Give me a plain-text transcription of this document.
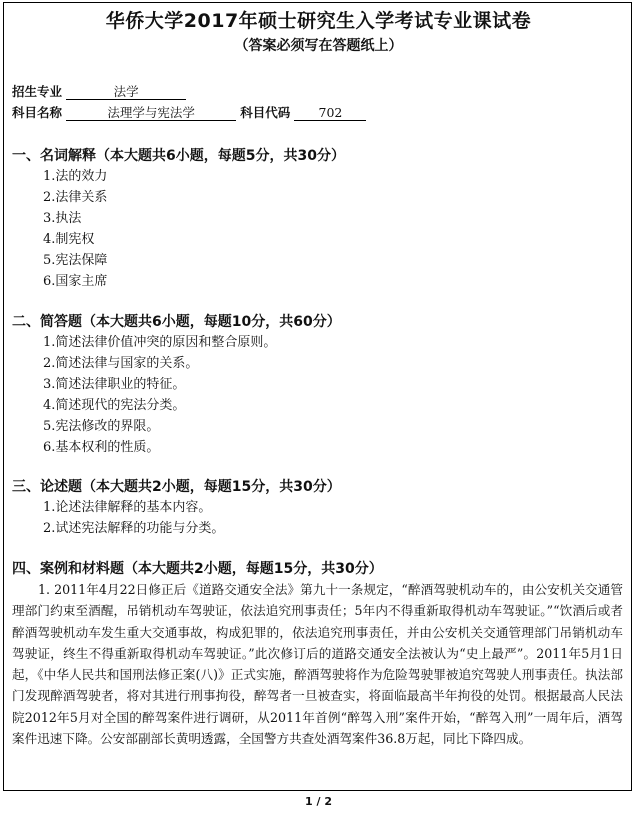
华侨大学2017年硕士研究生入学考试专业课试卷
（答案必须写在答题纸上）
招生专业	法学
科目名称	法理学与宪法学	科目代码 702
一、名词解释（本大题共6小题，每题5分，共30分）
1.法的效力
2.法律关系
3.执法
4.制宪权
5.宪法保障
6.国家主席
二、简答题（本大题共6小题，每题10分，共60分）
1.简述法律价值冲突的原因和整合原则。
2.简述法律与国家的关系。
3.简述法律职业的特征。
4.简述现代的宪法分类。
5.宪法修改的界限。
6.基本权利的性质。
三、论述题（本大题共2小题，每题15分，共30分）
1.论述法律解释的基本内容。
2.试述宪法解释的功能与分类。
四、案例和材料题（本大题共2小题，每题15分，共30分）

1. 2011年4月22日修正后《道路交通安全法》第九十一条规定，“醉酒驾驶机动车的，由公安机关交通管理部门约束至酒醒，吊销机动车驾驶证，依法追究刑事责任；5年内不得重新取得机动车驾驶证。”“饮酒后或者醉酒驾驶机动车发生重大交通事故，构成犯罪的，依法追究刑事责任，并由公安机关交通管理部门吊销机动车驾驶证，终生不得重新取得机动车驾驶证。”此次修订后的道路交通安全法被认为“史上最严”。2011年5月1日起，《中华人民共和国刑法修正案(八)》正式实施，醉酒驾驶将作为危险驾驶罪被追究驾驶人刑事责任。执法部门发现醉酒驾驶者，将对其进行刑事拘役，醉驾者一旦被查实，将面临最高半年拘役的处罚。根据最高人民法院2012年5月对全国的醉驾案件进行调研，从2011年首例“醉驾入刑”案件开始，“醉驾入刑”一周年后，酒驾案件迅速下降。公安部副部长黄明透露，全国警方共查处酒驾案件36.8万起，同比下降四成。

1 / 2
